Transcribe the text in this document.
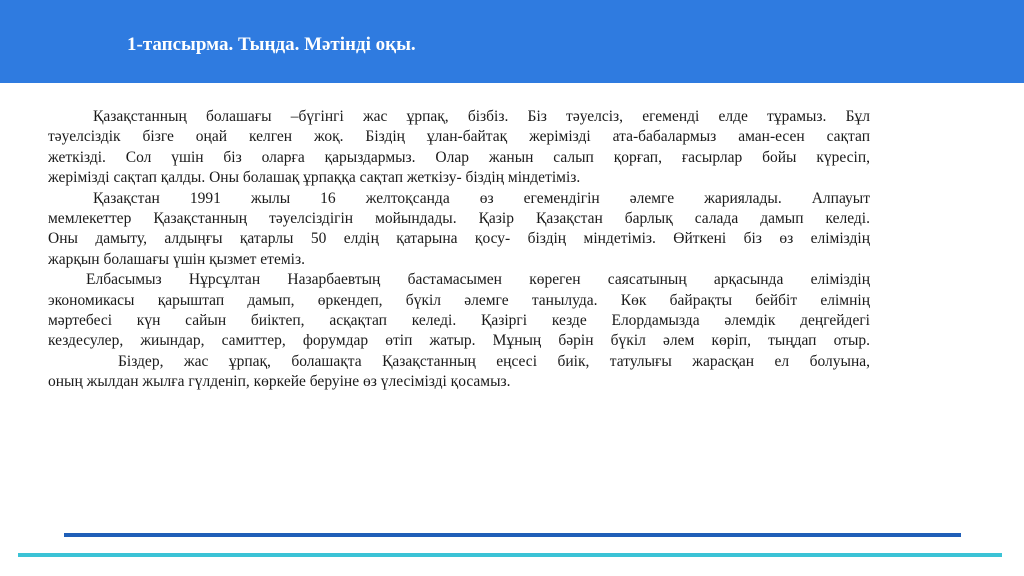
1-тапсырма. Тыңда. Мәтінді оқы.
Қазақстанның болашағы –бүгінгі жас ұрпақ, бізбіз. Біз тәуелсіз, егеменді елде тұрамыз. Бұл
тәуелсіздік бізге оңай келген жоқ. Біздің ұлан-байтақ жерімізді ата-бабалармыз аман-есен сақтап
жеткізді. Сол үшін біз оларға қарыздармыз. Олар жанын салып қорғап, ғасырлар бойы күресіп,
жерімізді сақтап қалды. Оны болашақ ұрпаққа сақтап жеткізу- біздің міндетіміз.
Қазақстан 1991 жылы 16 желтоқсанда өз егемендігін әлемге жариялады. Алпауыт
мемлекеттер Қазақстанның тәуелсіздігін мойындады. Қазір Қазақстан барлық салада дамып келеді.
Оны дамыту, алдыңғы қатарлы 50 елдің қатарына қосу- біздің міндетіміз. Өйткені біз өз еліміздің
жарқын болашағы үшін қызмет етеміз.
Елбасымыз Нұрсұлтан Назарбаевтың бастамасымен көреген саясатының арқасында еліміздің
экономикасы қарыштап дамып, өркендеп, бүкіл әлемге танылуда. Көк байрақты бейбіт елімнің
мәртебесі күн сайын биіктеп, асқақтап келеді. Қазіргі кезде Елордамызда әлемдік деңгейдегі
кездесулер, жиындар, самиттер, форумдар өтіп жатыр. Мұның бәрін бүкіл әлем көріп, тыңдап отыр.
Біздер, жас ұрпақ, болашақта Қазақстанның еңсесі биік, татулығы жарасқан ел болуына,
оның жылдан жылға гүлденіп, көркейе беруіне өз үлесімізді қосамыз.
